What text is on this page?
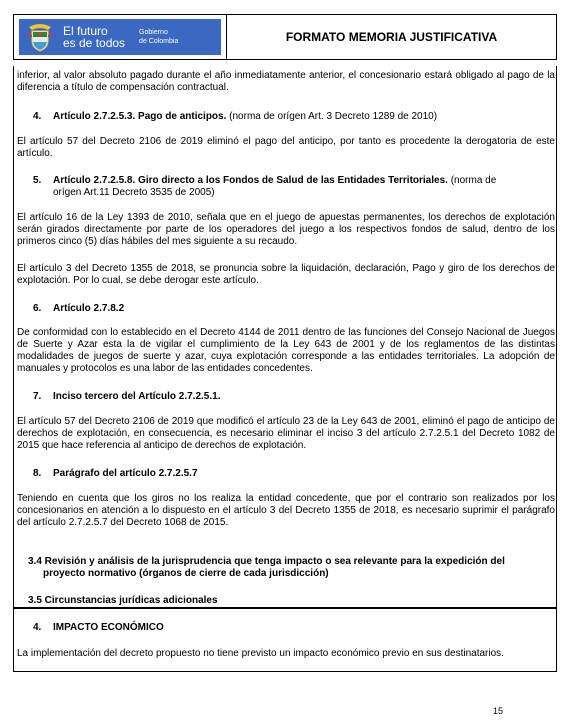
El futuro
es de todos
Gobierno
de Colombia	FORMATO MEMORIA JUSTIFICATIVA
inferior, al valor absoluto pagado durante el año inmediatamente anterior, el concesionario estará obligado al pago de la diferencia a título de compensación contractual.
4. Artículo 2.7.2.5.3. Pago de anticipos. (norma de orígen Art. 3 Decreto 1289 de 2010)
El artículo 57 del Decreto 2106 de 2019 eliminó el pago del anticipo, por tanto es procedente la derogatoria de este artículo.
5. Artículo 2.7.2.5.8. Giro directo a los Fondos de Salud de las Entidades Territoriales. (norma de
orígen Art.11 Decreto 3535 de 2005)
El artículo 16 de la Ley 1393 de 2010, señala que en el juego de apuestas permanentes, los derechos de explotación serán girados directamente por parte de los operadores del juego a los respectivos fondos de salud, dentro de los primeros cinco (5) días hábiles del mes siguiente a su recaudo.
El artículo 3 del Decreto 1355 de 2018, se pronuncia sobre la liquidación, declaración, Pago y giro de los derechos de explotación. Por lo cual, se debe derogar este artículo.
6. Artículo 2.7.8.2
De conformidad con lo establecido en el Decreto 4144 de 2011 dentro de las funciones del Consejo Nacional de Juegos de Suerte y Azar esta la de vigilar el cumplimiento de la Ley 643 de 2001 y de los reglamentos de las distintas modalidades de juegos de suerte y azar, cuya explotación corresponde a las entidades territoriales. La adopción de manuales y protocolos es una labor de las entidades concedentes.
7. Inciso tercero del Artículo 2.7.2.5.1.
El artículo 57 del Decreto 2106 de 2019 que modificó el artículo 23 de la Ley 643 de 2001, eliminó el pago de anticipo de derechos de explotación, en consecuencia, es necesario eliminar el inciso 3 del artículo 2.7.2.5.1 del Decreto 1082 de 2015 que hace referencia al anticipo de derechos de explotación.
8. Parágrafo del artículo 2.7.2.5.7
Teniendo en cuenta que los giros no los realiza la entidad concedente, que por el contrario son realizados por los concesionarios en atención a lo dispuesto en el artículo 3 del Decreto 1355 de 2018, es necesario suprimir el parágrafo del artículo 2.7.2.5.7 del Decreto 1068 de 2015.
3.4 Revisión y análisis de la jurisprudencia que tenga impacto o sea relevante para la expedición del
proyecto normativo (órganos de cierre de cada jurisdicción)
3.5 Circunstancias jurídicas adicionales
4. IMPACTO ECONÓMICO
La implementación del decreto propuesto no tiene previsto un impacto económico previo en sus destinatarios.
15
